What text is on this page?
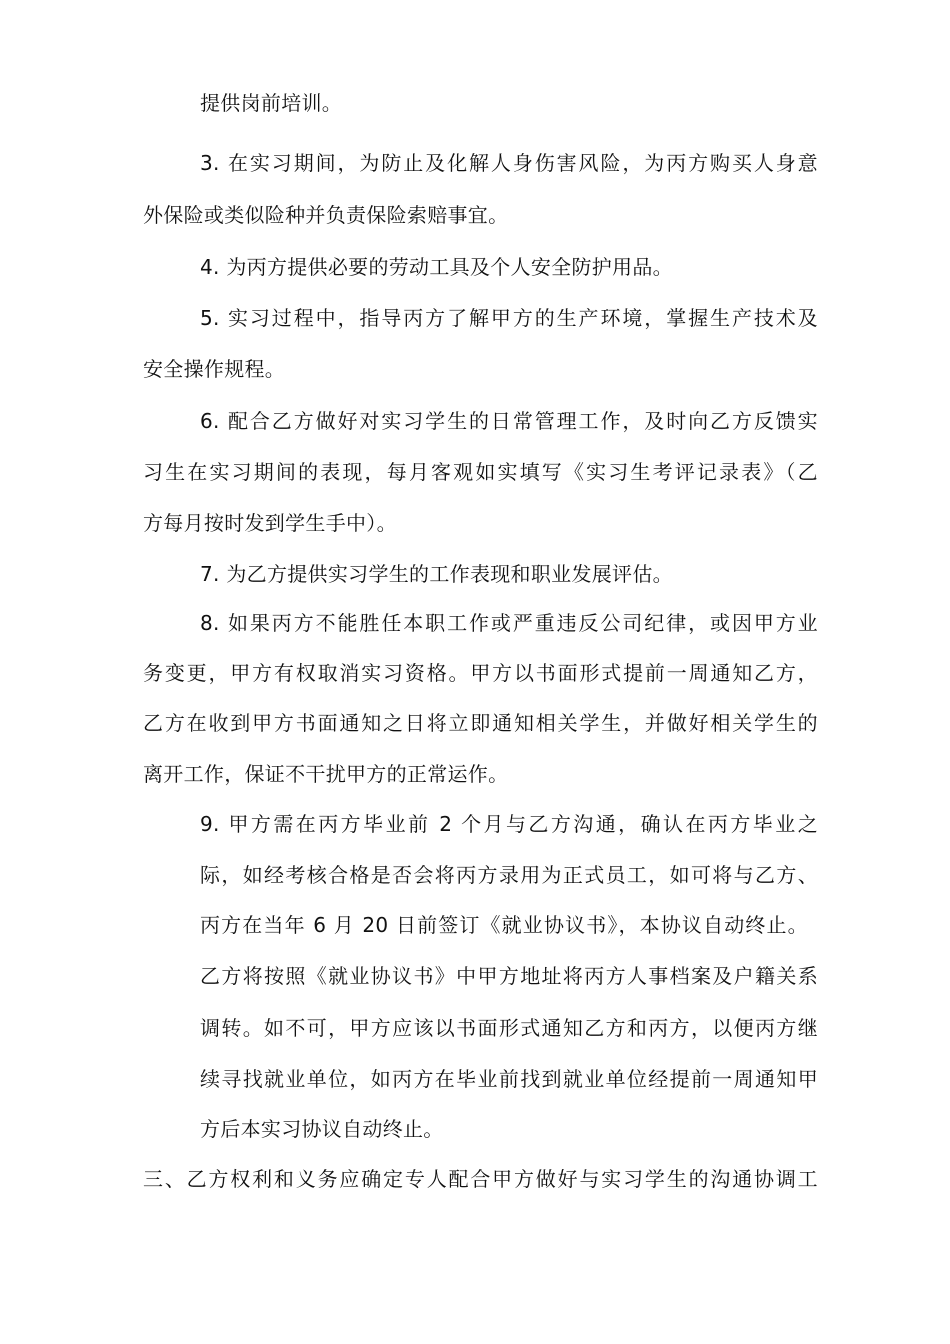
提供岗前培训。
3. 在实习期间，为防止及化解人身伤害风险，为丙方购买人身意
外保险或类似险种并负责保险索赔事宜。
4. 为丙方提供必要的劳动工具及个人安全防护用品。
5. 实习过程中，指导丙方了解甲方的生产环境，掌握生产技术及
安全操作规程。
6. 配合乙方做好对实习学生的日常管理工作，及时向乙方反馈实
习生在实习期间的表现，每月客观如实填写《实习生考评记录表》（乙
方每月按时发到学生手中）。
7. 为乙方提供实习学生的工作表现和职业发展评估。
8. 如果丙方不能胜任本职工作或严重违反公司纪律，或因甲方业
务变更，甲方有权取消实习资格。甲方以书面形式提前一周通知乙方，
乙方在收到甲方书面通知之日将立即通知相关学生，并做好相关学生的
离开工作，保证不干扰甲方的正常运作。
9. 甲方需在丙方毕业前 2 个月与乙方沟通，确认在丙方毕业之
际，如经考核合格是否会将丙方录用为正式员工，如可将与乙方、
丙方在当年 6 月 20 日前签订《就业协议书》，本协议自动终止。
乙方将按照《就业协议书》中甲方地址将丙方人事档案及户籍关系
调转。如不可，甲方应该以书面形式通知乙方和丙方，以便丙方继
续寻找就业单位，如丙方在毕业前找到就业单位经提前一周通知甲
方后本实习协议自动终止。
三、乙方权利和义务应确定专人配合甲方做好与实习学生的沟通协调工
